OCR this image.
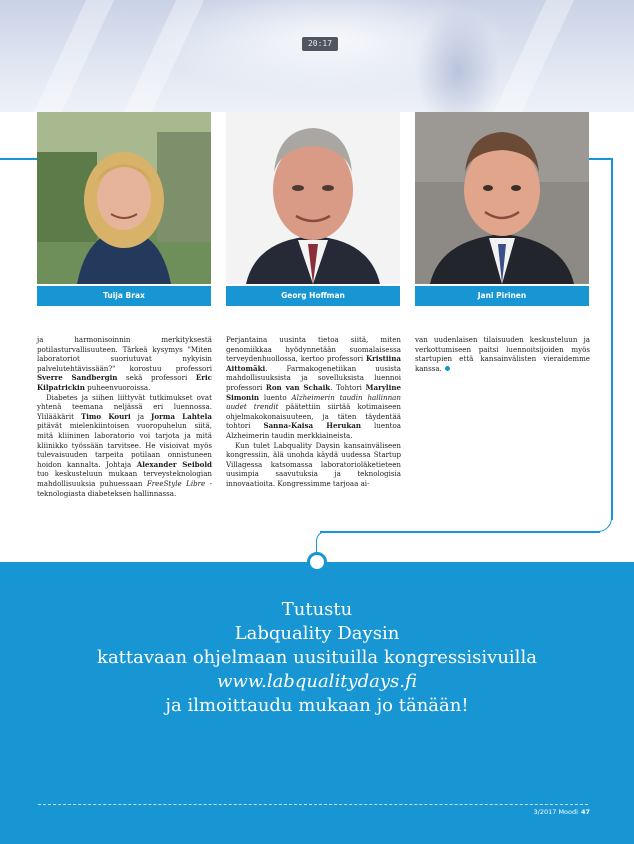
20:17
Tuija Brax	Georg Hoffman	Jani Pirinen

ja harmonisoinnin merkityksestä potilasturvallisuuteen. Tärkeä kysymys "Miten laboratoriot suoriutuvat nykyisin palvelutehtävissään?" korostuu professori Sverre Sandbergin sekä professori Eric Kilpatrickin puheenvuoroissa.

Diabetes ja siihen liittyvät tutkimukset ovat yhtenä teemana neljässä eri luennossa. Ylilääkärit Timo Kouri ja Jorma Lahtela pitävät mielenkiintoisen vuoropuhelun siitä, mitä kliininen laboratorio voi tarjota ja mitä kliinikko työssään tarvitsee. He visioivat myös tulevaisuuden tarpeita potilaan onnistuneen hoidon kannalta. Johtaja Alexander Seibold tuo keskusteluun mukaan terveysteknologian mahdollisuuksia puhuessaan FreeStyle Libre -teknologiasta diabeteksen hallinnassa.

Perjantaina uusinta tietoa siitä, miten genomiikkaa hyödynnetään suomalaisessa terveydenhuollossa, kertoo professori Kristiina Aittomäki. Farmakogenetiikan uusista mahdollisuuksista ja sovelluksista luennoi professori Ron van Schaik. Tohtori Maryline Simonin luento Alzheimerin taudin hallinnan uudet trendit päätettiin siirtää kotimaiseen ohjelmakokonaisuuteen, ja täten täydentää tohtori Sanna-Kaisa Herukan luentoa Alzheimerin taudin merkkiaineista.

Kun tulet Labquality Daysin kansainväliseen kongressiin, älä unohda käydä uudessa Startup Villagessa katsomassa laboratorioläketieteen uusimpia saavutuksia ja teknologisia innovaatioita. Kongressimme tarjoaa ai-

van uudenlaisen tilaisuuden keskusteluun ja verkottumiseen paitsi luennoitsijoiden myös startupien että kansainvälisten vieraidemme kanssa.

Tutustu
Labquality Daysin
kattavaan ohjelmaan uusituilla kongressisivuilla
www.labqualitydays.fi
ja ilmoittaudu mukaan jo tänään!
3/2017 Moodi 47
